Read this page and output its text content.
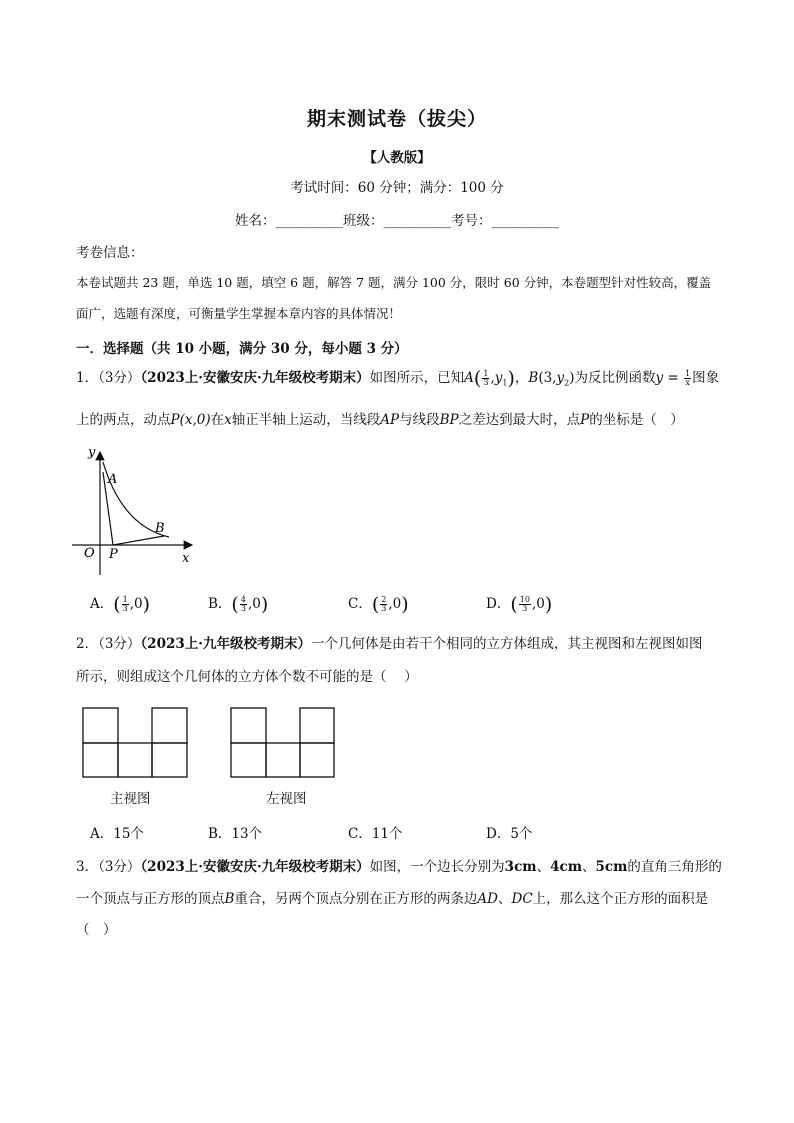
期末测试卷（拔尖）
【人教版】
考试时间：60 分钟；满分：100 分
姓名：__________班级：__________考号：__________
考卷信息：
本卷试题共 23 题，单选 10 题，填空 6 题，解答 7 题，满分 100 分，限时 60 分钟，本卷题型针对性较高，覆盖
面广，选题有深度，可衡量学生掌握本章内容的具体情况！
一．选择题（共 10 小题，满分 30 分，每小题 3 分）
1．（3分）（2023上·安徽安庆·九年级校考期末）如图所示，已知$A( \frac{1}{3} ,y_1)$，$B(3,y_2)$为反比例函数$y = \frac{1}{x}$ 图象
上的两点，动点P(x,0)在x轴正半轴上运动，当线段AP与线段BP之差达到最大时，点P的坐标是（　）
y
x
O
A
B
P
A．( $\frac{1}{3} ,0$)	B．( $\frac{4}{3} ,0$)	C．( $\frac{2}{3} ,0$)	D．( $\frac{10}{3} ,0$)
2．（3分）（2023上·九年级校考期末）一个几何体是由若干个相同的立方体组成，其主视图和左视图如图
所示，则组成这个几何体的立方体个数不可能的是（　 ）
主视图	左视图
A．15个	B．13个	C．11个	D．5个
3．（3分）（2023上·安徽安庆·九年级校考期末）如图，一个边长分别为3cm、4cm、5cm的直角三角形的
一个顶点与正方形的顶点B重合，另两个顶点分别在正方形的两条边AD、DC上，那么这个正方形的面积是
（　）
